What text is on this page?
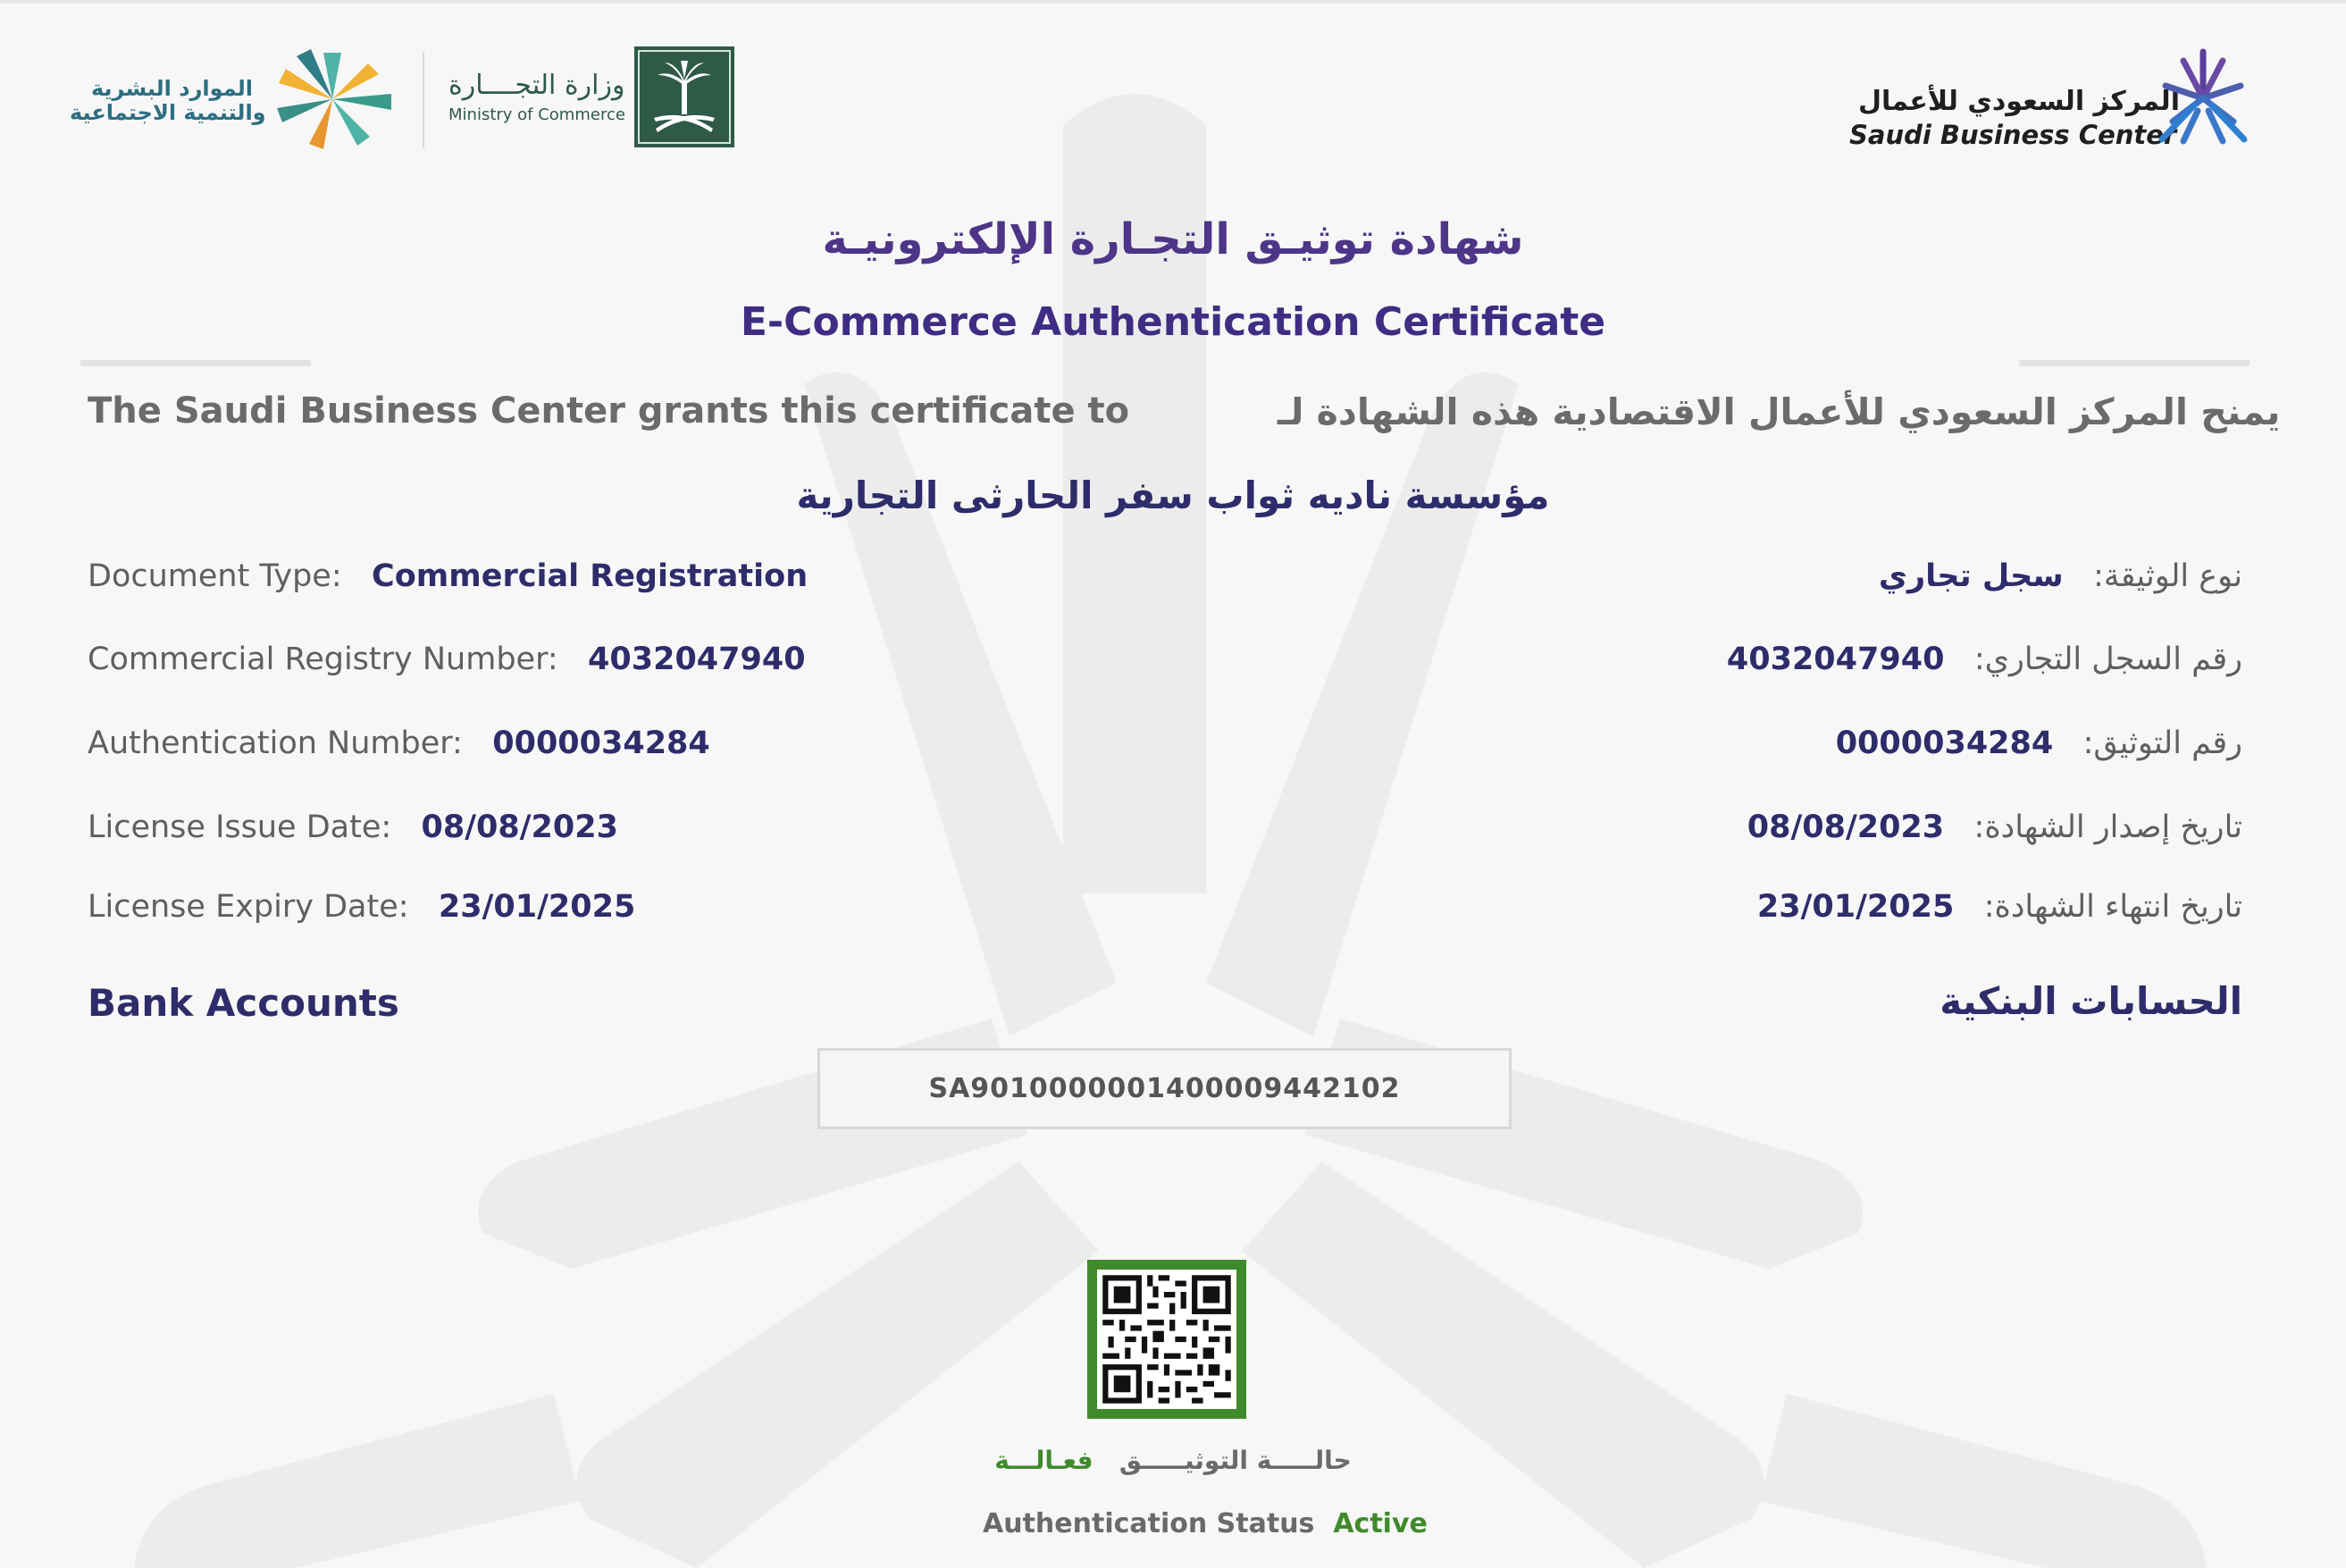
الموارد البشرية
والتنمية الاجتماعية
وزارة التجــــارة
Ministry of Commerce	المركز السعودي للأعمال
Saudi Business Center
شهادة توثيـق التجـارة الإلكترونيـة
E-Commerce Authentication Certificate
The Saudi Business Center grants this certificate to	يمنح المركز السعودي للأعمال الاقتصادية هذه الشهادة لـ
مؤسسة ناديه ثواب سفر الحارثى التجارية
Document Type: Commercial Registration
Commercial Registry Number: 4032047940
Authentication Number: 0000034284
License Issue Date: 08/08/2023
License Expiry Date: 23/01/2025
نوع الوثيقة:   سجل تجاري
رقم السجل التجاري:   4032047940
رقم التوثيق:   0000034284
تاريخ إصدار الشهادة:   08/08/2023
تاريخ انتهاء الشهادة:   23/01/2025
Bank Accounts	الحسابات البنكية
SA9010000001400009442102
حالـــــة التوثيـــــق   فعـالـــة
Authentication Status Active
